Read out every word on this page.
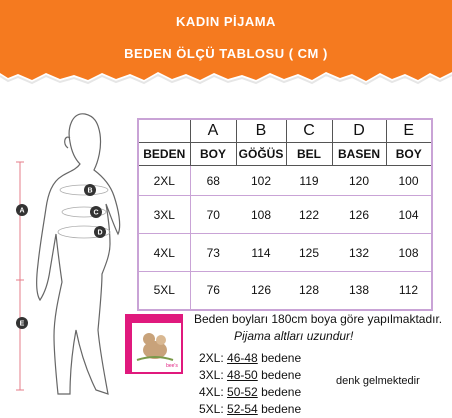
KADIN PİJAMA
BEDEN ÖLÇÜ TABLOSU ( CM )
A
B
C
D
E
	A	B	C	D	E
BEDEN	BOY	GÖĞÜS	BEL	BASEN	BOY
2XL	68	102	119	120	100
3XL	70	108	122	126	104
4XL	73	114	125	132	108
5XL	76	126	128	138	112
bee's
Beden boyları 180cm boya göre yapılmaktadır.
Pijama altları uzundur!
2XL: 46-48 bedene
3XL: 48-50 bedene
4XL: 50-52 bedene
5XL: 52-54 bedene
denk gelmektedir
